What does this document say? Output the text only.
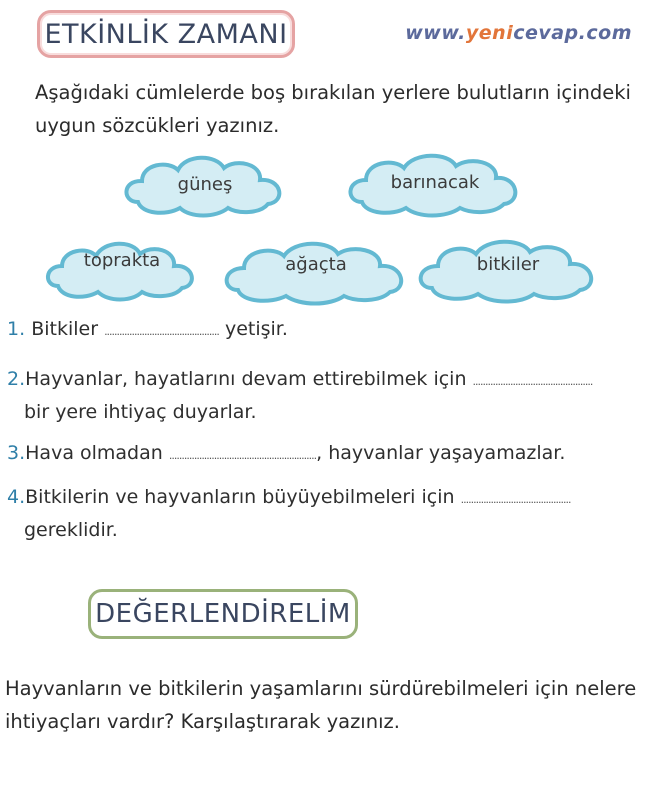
ETKİNLİK ZAMANI	www.yenicevap.com
Aşağıdaki cümlelerde boş bırakılan yerlere bulutların içindeki uygun sözcükleri yazınız.
güneş	barınacak
toprakta	ağaçta	bitkiler
1. Bitkiler .............................................. yetişir.
2.Hayvanlar, hayatlarını devam ettirebilmek için ................................................
bir yere ihtiyaç duyarlar.
3.Hava olmadan ..........................................................., hayvanlar yaşayamazlar.
4.Bitkilerin ve hayvanların büyüyebilmeleri için ............................................
gereklidir.
DEĞERLENDİRELİM
Hayvanların ve bitkilerin yaşamlarını sürdürebilmeleri için nelere ihtiyaçları vardır? Karşılaştırarak yazınız.
